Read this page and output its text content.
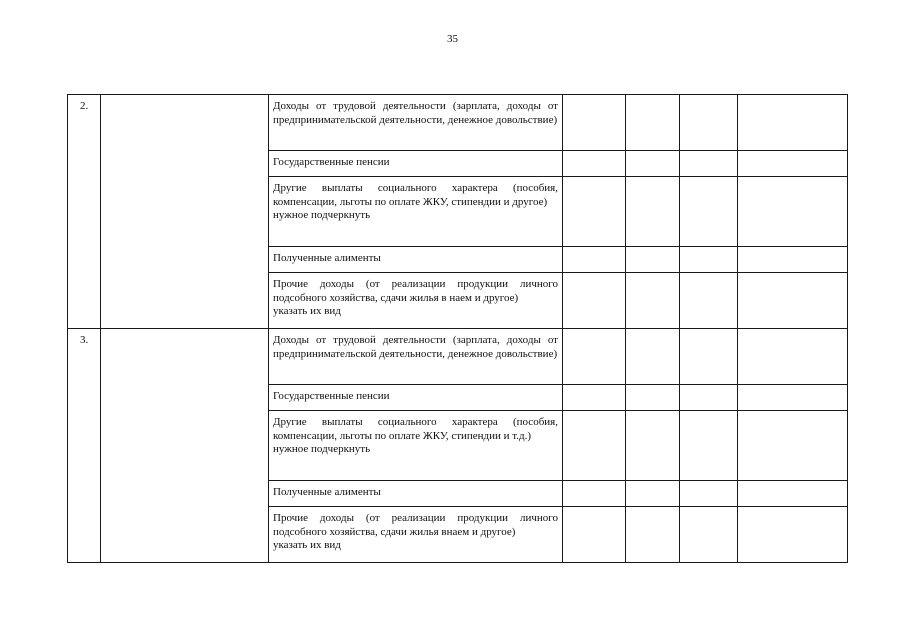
35
2.		Доходы от трудовой деятельности (зарплата, доходы от предпринимательской деятельности, денежное довольствие)				

		Государственные пенсии				

		Другие выплаты социального характера (пособия, компенсации, льготы по оплате ЖКУ, стипендии и другое)
нужное подчеркнуть				

		Полученные алименты				

		Прочие доходы (от реализации продукции личного подсобного хозяйства, сдачи жилья в наем и другое)
указать их вид				

3.		Доходы от трудовой деятельности (зарплата, доходы от предпринимательской деятельности, денежное довольствие)				

		Государственные пенсии				

		Другие выплаты социального характера (пособия, компенсации, льготы по оплате ЖКУ, стипендии и т.д.)
нужное подчеркнуть				

		Полученные алименты				

		Прочие доходы (от реализации продукции личного подсобного хозяйства, сдачи жилья внаем и другое)
указать их вид				
